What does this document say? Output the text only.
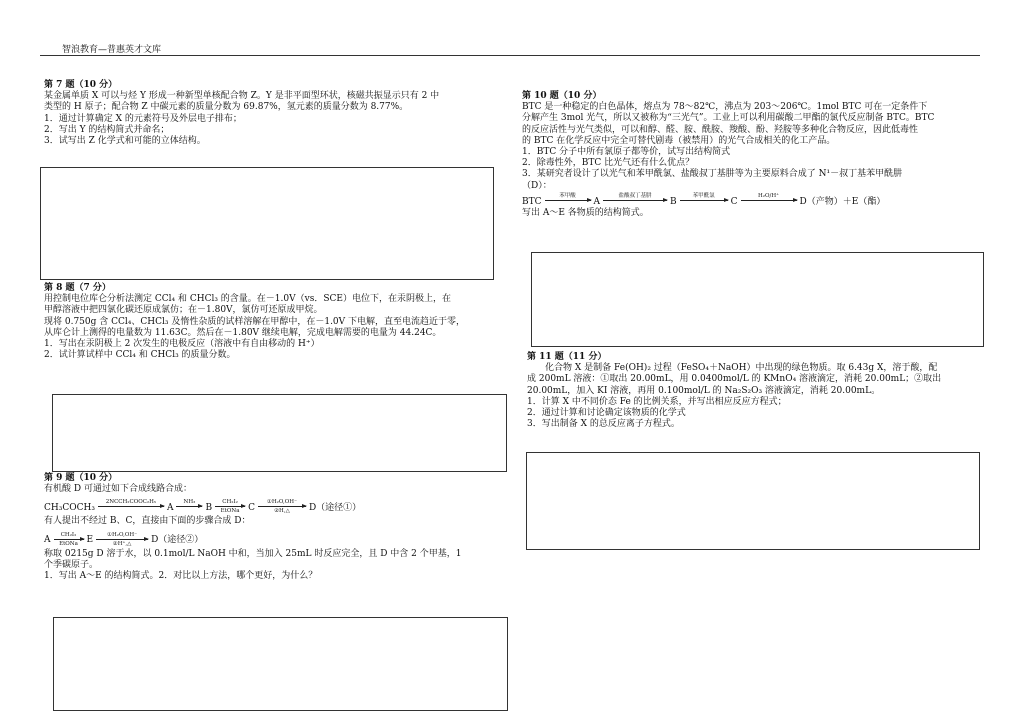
智浪教育—普惠英才文库

第 7 题（10 分）

某金属单质 X 可以与烃 Y 形成一种新型单核配合物 Z。Y 是非平面型环状，核磁共振显示只有 2 中

类型的 H 原子；配合物 Z 中碳元素的质量分数为 69.87%，氢元素的质量分数为 8.77%。

1．通过计算确定 X 的元素符号及外层电子排布；

2．写出 Y 的结构简式并命名；

3．试写出 Z 化学式和可能的立体结构。

第 8 题（7 分）

用控制电位库仑分析法测定 CCl₄ 和 CHCl₃ 的含量。在－1.0V（vs．SCE）电位下，在汞阴极上，在

甲醇溶液中把四氯化碳还原成氯仿；在－1.80V，氯仿可还原成甲烷。

现将 0.750g 含 CCl₄、CHCl₃ 及惰性杂质的试样溶解在甲醇中，在－1.0V 下电解，直至电流趋近于零，

从库仑计上测得的电量数为 11.63C。然后在－1.80V 继续电解，完成电解需要的电量为 44.24C。

1．写出在汞阴极上 2 次发生的电极反应（溶液中有自由移动的 H⁺）

2．试计算试样中 CCl₄ 和 CHCl₃ 的质量分数。

第 9 题（10 分）

有机酸 D 可通过如下合成线路合成：

CH₃COCH₃
2NCCH₂COOC₂H₅

A
NH₃

B
CH₂I₂
EtONa C
①H₂O,OH⁻
②H,△ D（途径①）

有人提出不经过 B、C，直接由下面的步骤合成 D：

A
CH₂I₂
EtONa E
①H₂O,OH⁻
②H⁺,△ D（途径②）

称取 0215g D 溶于水，以 0.1mol/L NaOH 中和，当加入 25mL 时反应完全，且 D 中含 2 个甲基，1

个季碳原子。

1．写出 A～E 的结构简式。2．对比以上方法，哪个更好，为什么？

第 10 题（10 分）

BTC 是一种稳定的白色晶体，熔点为 78～82℃，沸点为 203～206℃。1mol BTC 可在一定条件下

分解产生 3mol 光气，所以又被称为“三光气”。工业上可以利用碳酸二甲酯的氯代反应制备 BTC。BTC

的反应活性与光气类似，可以和醇、醛、胺、酰胺、羧酸、酚、羟胺等多种化合物反应，因此低毒性

的 BTC 在化学反应中完全可替代剧毒（被禁用）的光气合成相关的化工产品。

1．BTC 分子中所有氯原子都等价，试写出结构简式

2．除毒性外，BTC 比光气还有什么优点？

3．某研究者设计了以光气和苯甲酰氯、盐酸叔丁基肼等为主要原料合成了 N¹－叔丁基苯甲酰肼

（D）：

BTC
苯甲酸

A
盐酸叔丁基肼

B
苯甲酰氯

C
H₂O/H⁺

D（产物）＋E（酯）

写出 A～E 各物质的结构简式。

第 11 题（11 分）

　　化合物 X 是制备 Fe(OH)₂ 过程（FeSO₄＋NaOH）中出现的绿色物质。取 6.43g X，溶于酸，配

成 200mL 溶液：①取出 20.00mL，用 0.0400mol/L 的 KMnO₄ 溶液滴定，消耗 20.00mL；②取出

20.00mL，加入 KI 溶液，再用 0.100mol/L 的 Na₂S₂O₃ 溶液滴定，消耗 20.00mL。

1．计算 X 中不同价态 Fe 的比例关系，并写出相应反应方程式；

2．通过计算和讨论确定该物质的化学式

3．写出制备 X 的总反应离子方程式。
